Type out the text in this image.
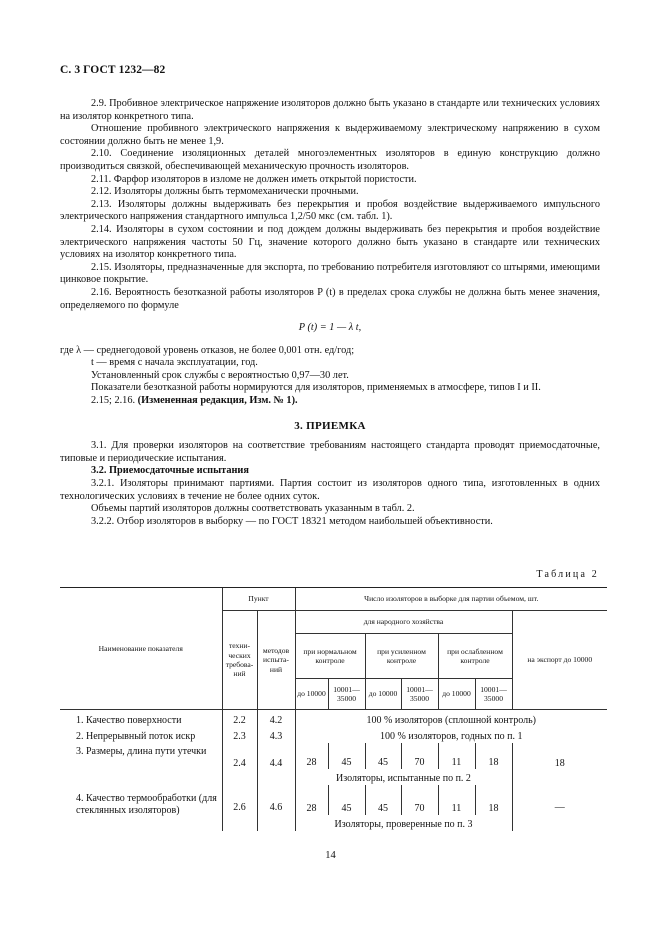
С. 3 ГОСТ 1232—82

2.9. Пробивное электрическое напряжение изоляторов должно быть указано в стандарте или технических условиях на изолятор конкретного типа.

Отношение пробивного электрического напряжения к выдерживаемому электрическому напряжению в сухом состоянии должно быть не менее 1,9.

2.10. Соединение изоляционных деталей многоэлементных изоляторов в единую конструкцию должно производиться связкой, обеспечивающей механическую прочность изоляторов.

2.11. Фарфор изоляторов в изломе не должен иметь открытой пористости.

2.12. Изоляторы должны быть термомеханически прочными.

2.13. Изоляторы должны выдерживать без перекрытия и пробоя воздействие выдерживаемого импульсного электрического напряжения стандартного импульса 1,2/50 мкс (см. табл. 1).

2.14. Изоляторы в сухом состоянии и под дождем должны выдерживать без перекрытия и пробоя воздействие электрического напряжения частоты 50 Гц, значение которого должно быть указано в стандарте или технических условиях на изолятор конкретного типа.

2.15. Изоляторы, предназначенные для экспорта, по требованию потребителя изготовляют со штырями, имеющими цинковое покрытие.

2.16. Вероятность безотказной работы изоляторов P (t) в пределах срока службы не должна быть менее значения, определяемого по формуле

P (t) = 1 — λ t,

где λ — среднегодовой уровень отказов, не более 0,001 отн. ед/год;

t — время с начала эксплуатации, год.

Установленный срок службы с вероятностью 0,97—30 лет.

Показатели безотказной работы нормируются для изоляторов, применяемых в атмосфере, типов I и II.

2.15; 2.16. (Измененная редакция, Изм. № 1).

3. ПРИЕМКА

3.1. Для проверки изоляторов на соответствие требованиям настоящего стандарта проводят приемосдаточные, типовые и периодические испытания.

3.2. Приемосдаточные испытания

3.2.1. Изоляторы принимают партиями. Партия состоит из изоляторов одного типа, изготовленных в одних технологических условиях в течение не более одних суток.

Объемы партий изоляторов должны соответствовать указанным в табл. 2.

3.2.2. Отбор изоляторов в выборку — по ГОСТ 18321 методом наибольшей объективности.

Таблица 2
Наименование показателя	Пункт		Число изоляторов в выборке для партии объемом, шт.						
	техни-ческих требова-ний	методов испыта-ний	для народного хозяйства						на экспорт до 10000
			при нормальном контроле		при усиленном контроле		при ослабленном контроле		
			до 10000	10001— 35000	до 10000	10001— 35000	до 10000	10001— 35000	
1. Качество поверхности	2.2	4.2	100 % изоляторов (сплошной контроль)						
2. Непрерывный поток искр	2.3	4.3	100 % изоляторов, годных по п. 1						
3. Размеры, длина пути утечки	2.4	4.4	28	45	45	70	11	18	18
			Изоляторы, испытанные по п. 2						
4. Качество термообработки (для стеклянных изоляторов)	2.6	4.6	28	45	45	70	11	18	—
			Изоляторы, проверенные по п. 3						
14
